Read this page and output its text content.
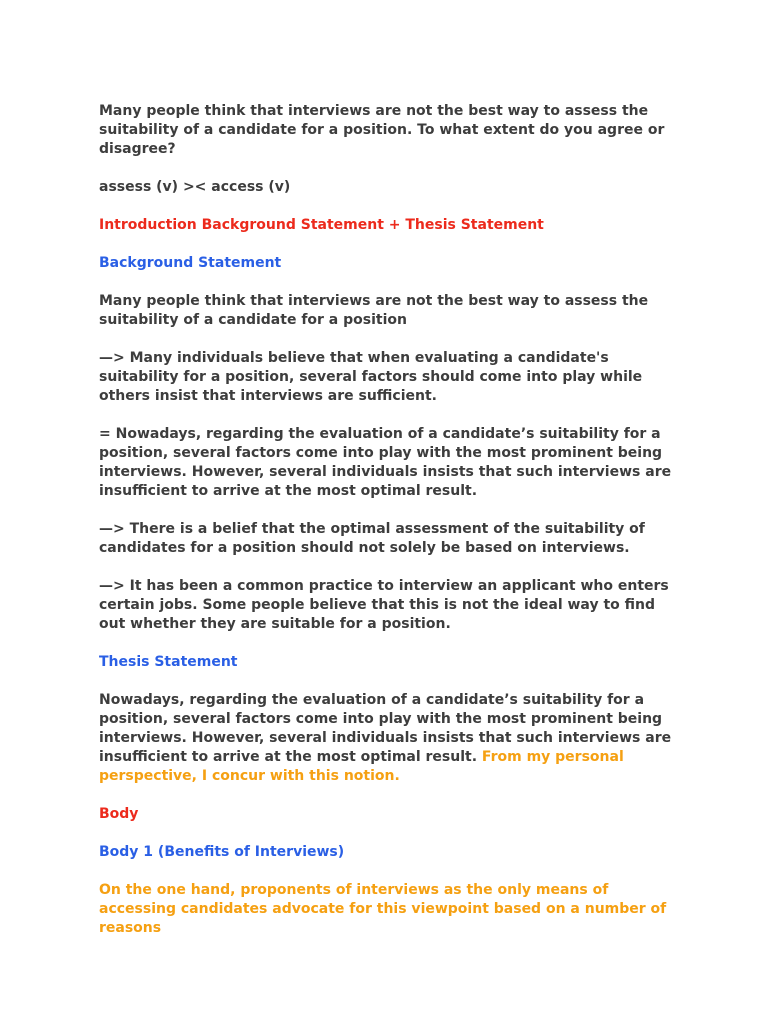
Many people think that interviews are not the best way to assess the suitability of a candidate for a position. To what extent do you agree or disagree?

assess (v) >< access (v)

Introduction Background Statement + Thesis Statement

Background Statement

Many people think that interviews are not the best way to assess the suitability of a candidate for a position

—> Many individuals believe that when evaluating a candidate's suitability for a position, several factors should come into play while others insist that interviews are sufficient.

= Nowadays, regarding the evaluation of a candidate’s suitability for a position, several factors come into play with the most prominent being interviews. However, several individuals insists that such interviews are insufficient to arrive at the most optimal result.

—> There is a belief that the optimal assessment of the suitability of candidates for a position should not solely be based on interviews.

—> It has been a common practice to interview an applicant who enters certain jobs. Some people believe that this is not the ideal way to find out whether they are suitable for a position.

Thesis Statement

Nowadays, regarding the evaluation of a candidate’s suitability for a position, several factors come into play with the most prominent being interviews. However, several individuals insists that such interviews are insufficient to arrive at the most optimal result. From my personal perspective, I concur with this notion.

Body

Body 1 (Benefits of Interviews)

On the one hand, proponents of interviews as the only means of accessing candidates advocate for this viewpoint based on a number of reasons
